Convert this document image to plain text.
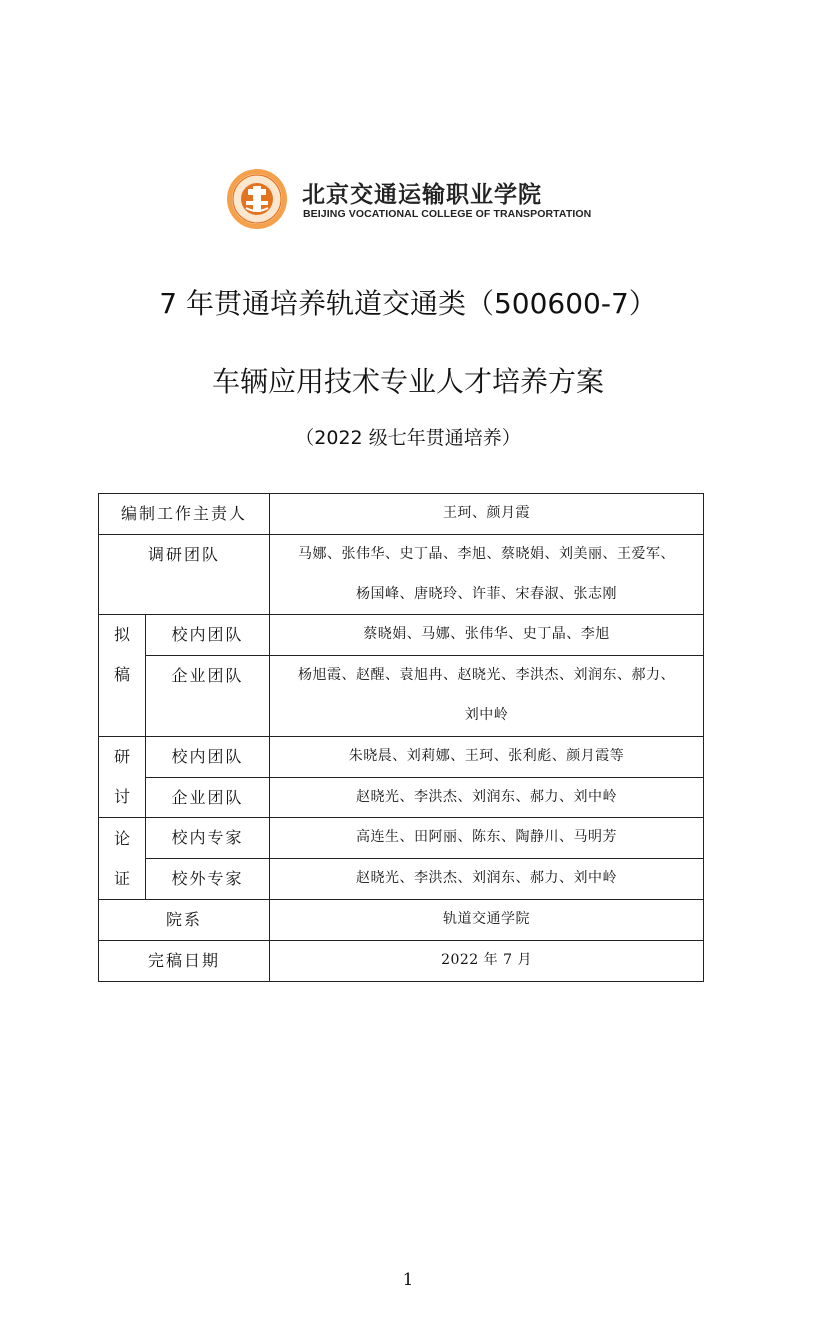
北京交通运输职业学院
BEIJING VOCATIONAL COLLEGE OF TRANSPORTATION
7 年贯通培养轨道交通类（500600-7）
车辆应用技术专业人才培养方案
（2022 级七年贯通培养）
编制工作主责人		王珂、颜月霞
调研团队		马娜、张伟华、史丁晶、李旭、蔡晓娟、刘美丽、王爱军、
杨国峰、唐晓玲、许菲、宋春淑、张志刚

拟
稿	校内团队	蔡晓娟、马娜、张伟华、史丁晶、李旭
	企业团队	杨旭霞、赵醒、袁旭冉、赵晓光、李洪杰、刘润东、郝力、
刘中岭

研
讨	校内团队	朱晓晨、刘莉娜、王珂、张利彪、颜月霞等
	企业团队	赵晓光、李洪杰、刘润东、郝力、刘中岭

论
证	校内专家	高连生、田阿丽、陈东、陶静川、马明芳
	校外专家	赵晓光、李洪杰、刘润东、郝力、刘中岭
院系		轨道交通学院
完稿日期		2022 年 7 月
1
